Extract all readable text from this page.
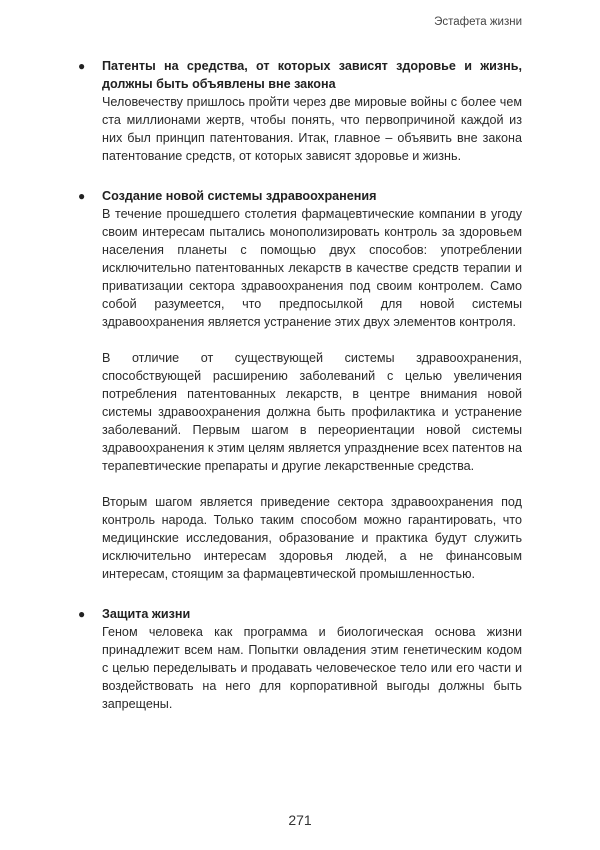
Эстафета жизни
● Патенты на средства, от которых зависят здоровье и жизнь, должны быть объявлены вне закона

Человечеству пришлось пройти через две мировые войны с более чем ста миллионами жертв, чтобы понять, что первопричиной каждой из них был принцип патентования. Итак, главное – объявить вне закона патентование средств, от которых зависят здоровье и жизнь.

● Создание новой системы здравоохранения

В течение прошедшего столетия фармацевтические компании в угоду своим интересам пытались монополизировать контроль за здоровьем населения планеты с помощью двух способов: употреблении исключительно патентованных лекарств в качестве средств терапии и приватизации сектора здравоохранения под своим контролем. Само собой разумеется, что предпосылкой для новой системы здравоохранения является устранение этих двух элементов контроля.

В отличие от существующей системы здравоохранения, способствующей расширению заболеваний с целью увеличения потребления патентованных лекарств, в центре внимания новой системы здравоохранения должна быть профилактика и устранение заболеваний. Первым шагом в переориентации новой системы здравоохранения к этим целям является упразднение всех патентов на терапевтические препараты и другие лекарственные средства.

Вторым шагом является приведение сектора здравоохранения под контроль народа. Только таким способом можно гарантировать, что медицинские исследования, образование и практика будут служить исключительно интересам здоровья людей, а не финансовым интересам, стоящим за фармацевтической промышленностью.

● Защита жизни

Геном человека как программа и биологическая основа жизни принадлежит всем нам. Попытки овладения этим генетическим кодом с целью переделывать и продавать человеческое тело или его части и воздействовать на него для корпоративной выгоды должны быть запрещены.

271
